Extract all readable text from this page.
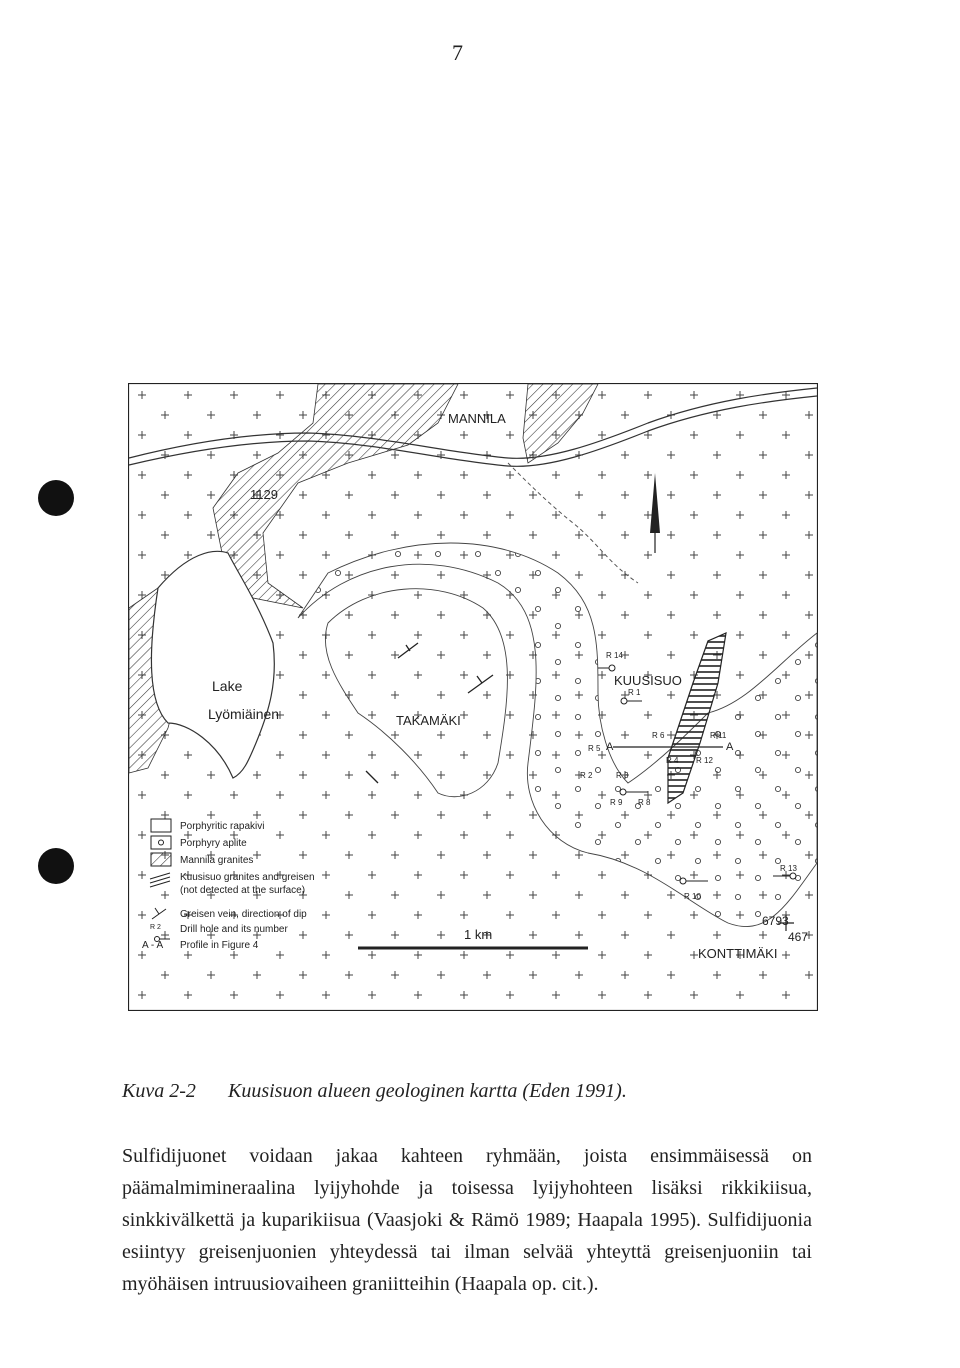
7
MANNILA
1129
Lake
Lyömiäinen	TAKAMÄKI
KUUSISUO
KONTTIMÄKI
6793
467
1 km
A	A
R 14
R 1
R 6	R 11
R 5
R 4 R 12
R 2	R 3
R 9 R 8
R 10
R 13
Porphyritic rapakivi
Porphyry aplite
Mannila granites
Kuusisuo granites and greisen
(not detected at the surface)
Greisen vein, direction of dip
Drill hole and its number
R 2
Profile in Figure 4
A - A
Kuva 2-2 Kuusisuon alueen geologinen kartta (Eden 1991).
Sulfidijuonet voidaan jakaa kahteen ryhmään, joista ensimmäisessä on päämalmimineraalina lyijyhohde ja toisessa lyijyhohteen lisäksi rikkikiisua, sinkkivälkettä ja kuparikiisua (Vaasjoki & Rämö 1989; Haapala 1995). Sulfidijuonia esiintyy greisenjuonien yhteydessä tai ilman selvää yhteyttä greisenjuoniin tai myöhäisen intruusiovaiheen graniitteihin (Haapala op. cit.).
